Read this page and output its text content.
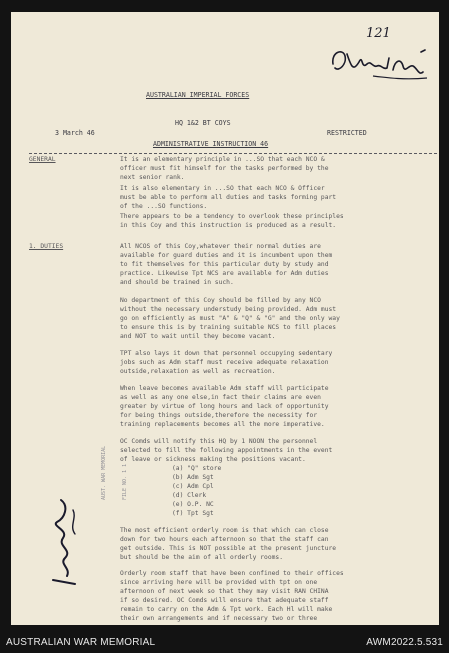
121
AUSTRALIAN IMPERIAL FORCES
HQ 1&2 BT COYS
3 March 46	RESTRICTED
ADMINISTRATIVE INSTRUCTION 46
GENERAL	It is an elementary principle in ...SO that each NCO &
officer must fit himself for the tasks performed by the
next senior rank.
It is also elementary in ...SO that each NCO & Officer
must be able to perform all duties and tasks forming part
of the ...SO functions.
There appears to be a tendency to overlook these principles
in this Coy and this instruction is produced as a result.
1. DUTIES	All NCOS of this Coy,whatever their normal duties are
available for guard duties and it is incumbent upon them
to fit themselves for this particular duty by study and
practice. Likewise Tpt NCS are available for Adm duties
and should be trained in such.
No department of this Coy should be filled by any NCO
without the necessary understudy being provided. Adm must
go on efficiently as must "A" & "Q" & "G" and the only way
to ensure this is by training suitable NCS to fill places
and NOT to wait until they become vacant.
TPT also lays it down that personnel occupying sedentary
jobs such as Adm staff must receive adequate relaxation
outside,relaxation as well as recreation.
When leave becomes available Adm staff will participate
as well as any one else,in fact their claims are even
greater by virtue of long hours and lack of opportunity
for being things outside,therefore the necessity for
training replacements becomes all the more imperative.
OC Comds will notify this HQ by 1 NOON the personnel
selected to fill the following appointments in the event
of leave or sickness making the positions vacant.
(a) "Q" store
(b) Adm Sgt
(c) Adm Cpl
(d) Clerk
(e) O.P. NC
(f) Tpt Sgt
The most efficient orderly room is that which can close
down for two hours each afternoon so that the staff can
get outside. This is NOT possible at the present juncture
but should be the aim of all orderly rooms.
Orderly room staff that have been confined to their offices
since arriving here will be provided with tpt on one
afternoon of next week so that they may visit RAN CHINA
if so desired. OC Comds will ensure that adequate staff
remain to carry on the Adm & Tpt work. Each Hl will make
their own arrangements and if necessary two or three

AUST. WAR MEMORIAL

	FILE NO. 1 1

AUSTRALIAN WAR MEMORIAL	AWM2022.5.531
